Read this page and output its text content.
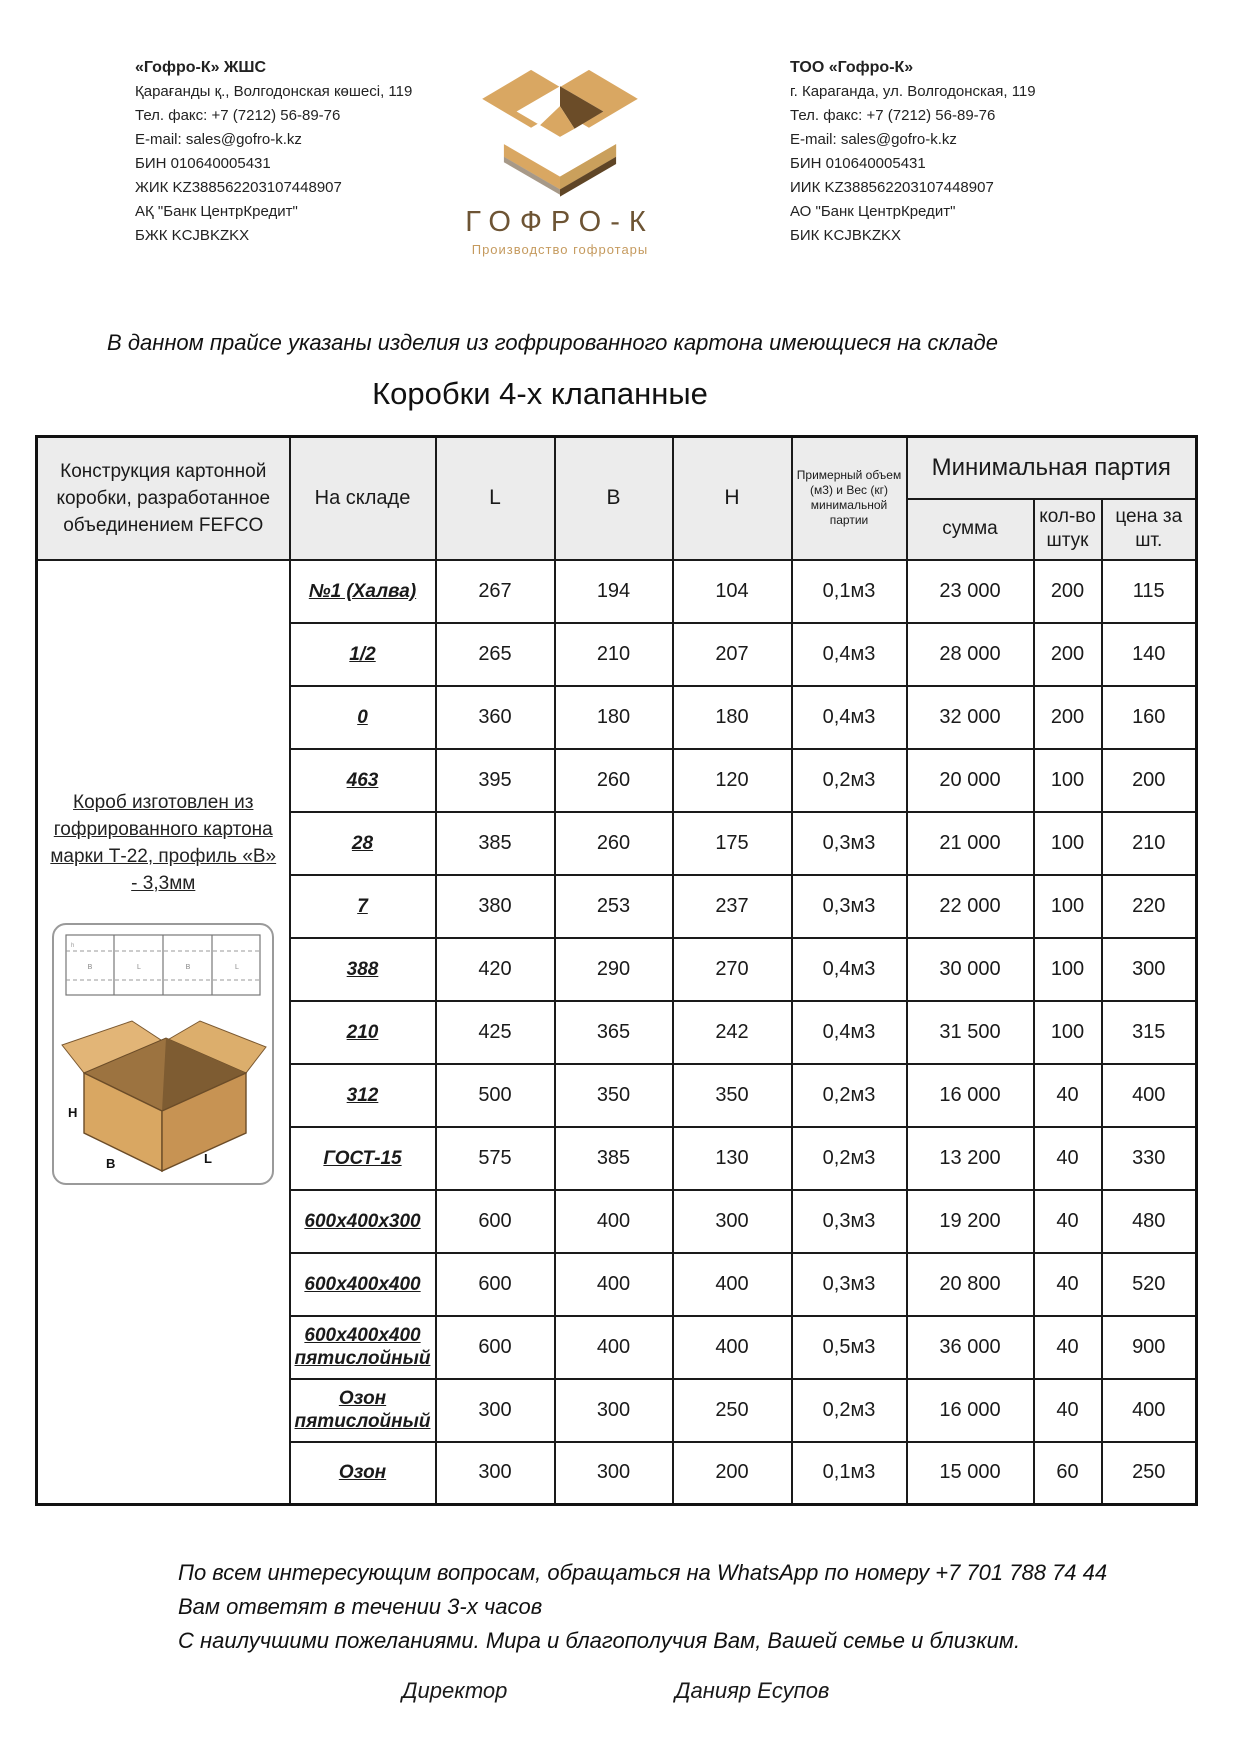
«Гофро-К» ЖШС
Қарағанды қ., Волгодонская көшесі, 119
Тел. факс: +7 (7212) 56-89-76
E-mail: sales@gofro-k.kz
БИН 010640005431
ЖИК KZ388562203107448907
АҚ "Банк ЦентрКредит"
БЖК KCJBKZKX
ТОО «Гофро-К»
г. Караганда, ул. Волгодонская, 119
Тел. факс: +7 (7212) 56-89-76
E-mail: sales@gofro-k.kz
БИН 010640005431
ИИК KZ388562203107448907
АО "Банк ЦентрКредит"
БИК KCJBKZKX
ГОФРО-К
Производство гофротары
В данном прайсе указаны изделия из гофрированного картона имеющиеся на складе
Коробки 4-х клапанные
Конструкция картонной коробки, разработанное объединением FEFCO	На складе	L	B	H	Примерный объем (м3) и Вес (кг) минимальной партии	Минимальная партия		
						сумма	кол-во штук	цена за шт.

Короб изготовлен из гофрированного картона марки Т-22, профиль «В» - 3,3мм
B	L	B	L
h
H
B	L
	№1 (Халва)	267	194	104	0,1м3	23 000	200	115
	1/2	265	210	207	0,4м3	28 000	200	140
	0	360	180	180	0,4м3	32 000	200	160
	463	395	260	120	0,2м3	20 000	100	200
	28	385	260	175	0,3м3	21 000	100	210
	7	380	253	237	0,3м3	22 000	100	220
	388	420	290	270	0,4м3	30 000	100	300
	210	425	365	242	0,4м3	31 500	100	315
	312	500	350	350	0,2м3	16 000	40	400
	ГОСТ-15	575	385	130	0,2м3	13 200	40	330
	600х400х300	600	400	300	0,3м3	19 200	40	480
	600х400х400	600	400	400	0,3м3	20 800	40	520
	600х400х400 пятислойный	600	400	400	0,5м3	36 000	40	900
	Озон пятислойный	300	300	250	0,2м3	16 000	40	400
	Озон	300	300	200	0,1м3	15 000	60	250
По всем интересующим вопросам, обращаться на WhatsApp по номеру +7 701 788 74 44
Вам ответят в течении 3-х часов
С наилучшими пожеланиями. Мира и благополучия Вам, Вашей семье и близким.
Директор	Данияр Есупов
